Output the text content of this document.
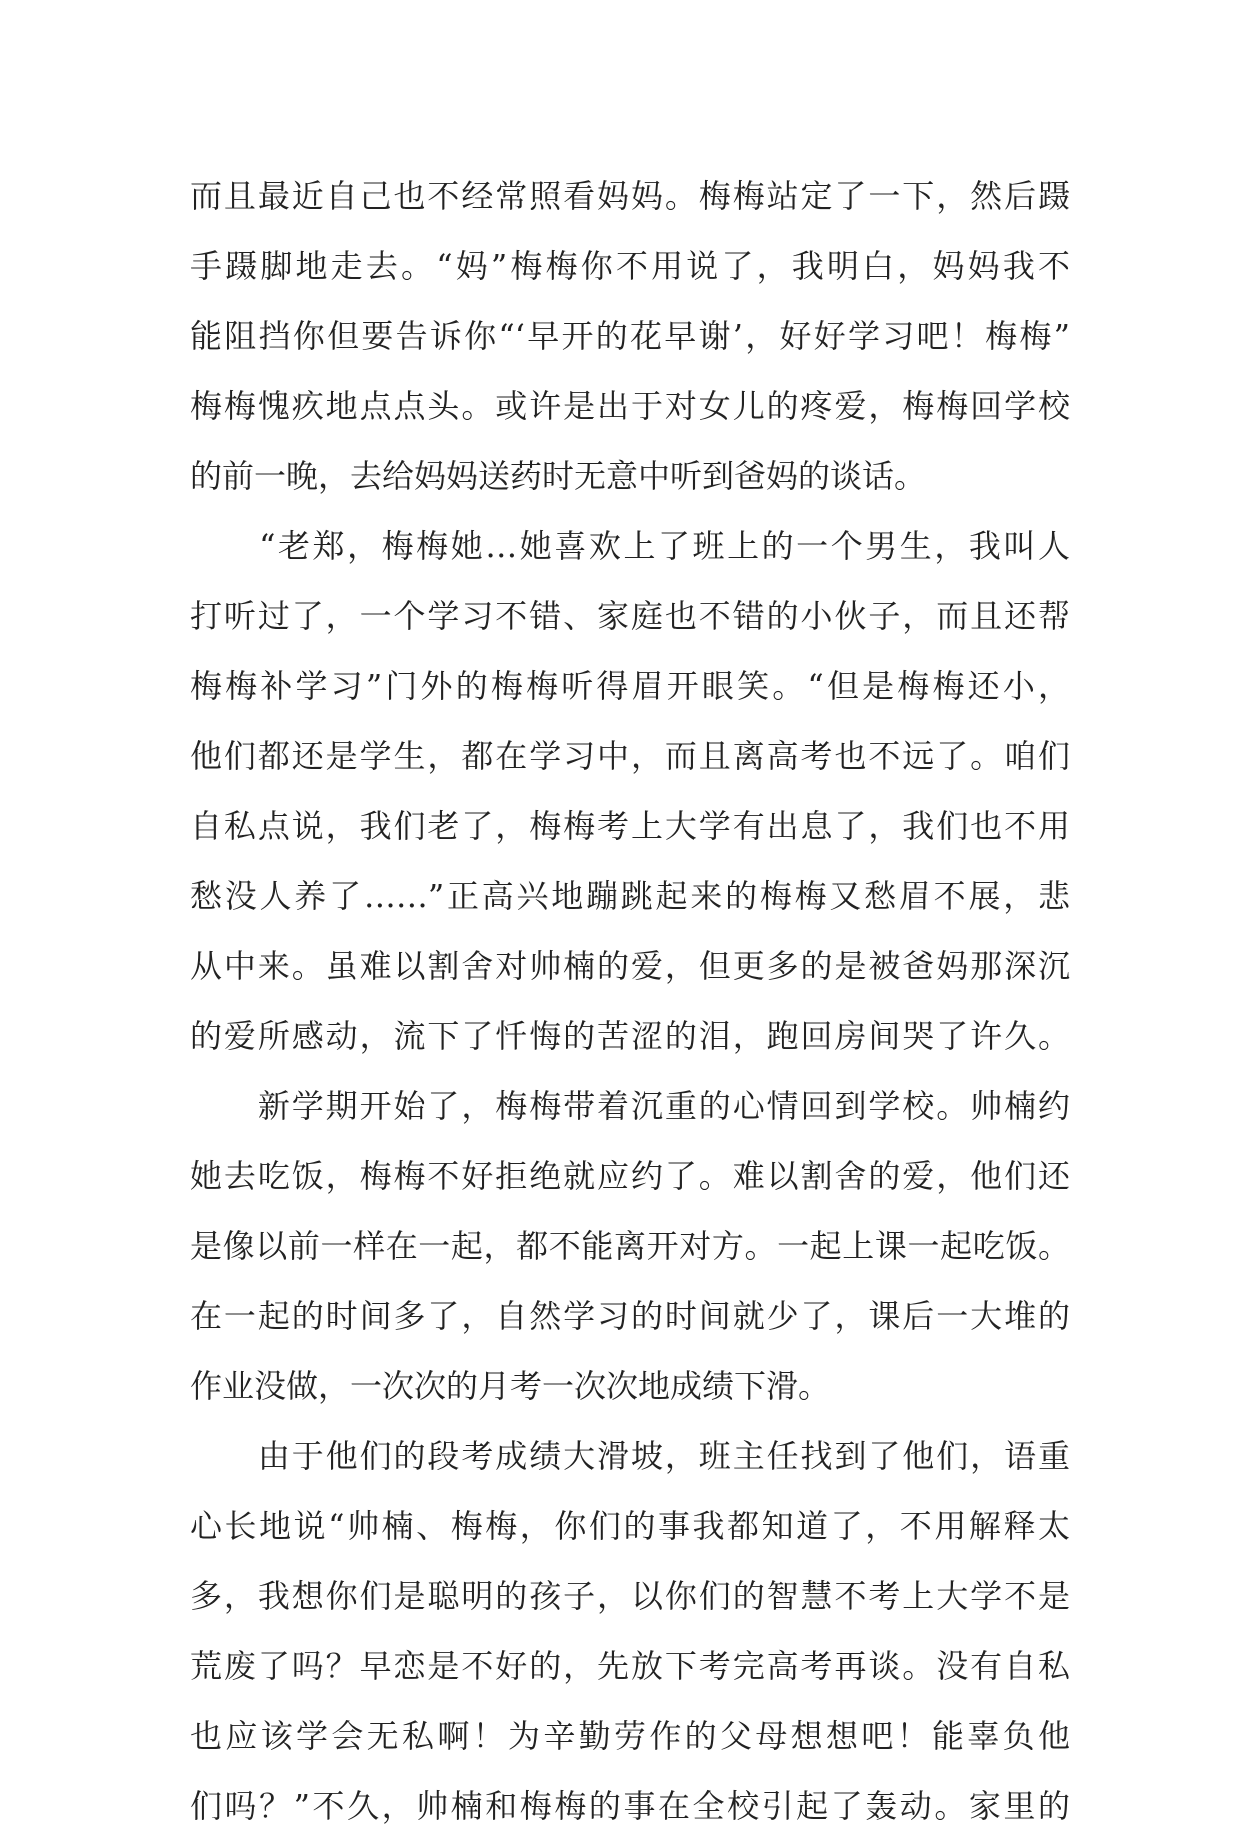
而且最近自己也不经常照看妈妈。梅梅站定了一下，然后蹑
手蹑脚地走去。“妈”梅梅你不用说了，我明白，妈妈我不
能阻挡你但要告诉你“‘早开的花早谢’，好好学习吧！梅梅”
梅梅愧疚地点点头。或许是出于对女儿的疼爱，梅梅回学校
的前一晚，去给妈妈送药时无意中听到爸妈的谈话。
　　“老郑，梅梅她…她喜欢上了班上的一个男生，我叫人
打听过了，一个学习不错、家庭也不错的小伙子，而且还帮
梅梅补学习”门外的梅梅听得眉开眼笑。“但是梅梅还小，
他们都还是学生，都在学习中，而且离高考也不远了。咱们
自私点说，我们老了，梅梅考上大学有出息了，我们也不用
愁没人养了……”正高兴地蹦跳起来的梅梅又愁眉不展，悲
从中来。虽难以割舍对帅楠的爱，但更多的是被爸妈那深沉
的爱所感动，流下了忏悔的苦涩的泪，跑回房间哭了许久。
　　新学期开始了，梅梅带着沉重的心情回到学校。帅楠约
她去吃饭，梅梅不好拒绝就应约了。难以割舍的爱，他们还
是像以前一样在一起，都不能离开对方。一起上课一起吃饭。
在一起的时间多了，自然学习的时间就少了，课后一大堆的
作业没做，一次次的月考一次次地成绩下滑。
　　由于他们的段考成绩大滑坡，班主任找到了他们，语重
心长地说“帅楠、梅梅，你们的事我都知道了，不用解释太
多，我想你们是聪明的孩子，以你们的智慧不考上大学不是
荒废了吗？早恋是不好的，先放下考完高考再谈。没有自私
也应该学会无私啊！为辛勤劳作的父母想想吧！能辜负他
们吗？”不久，帅楠和梅梅的事在全校引起了轰动。家里的
